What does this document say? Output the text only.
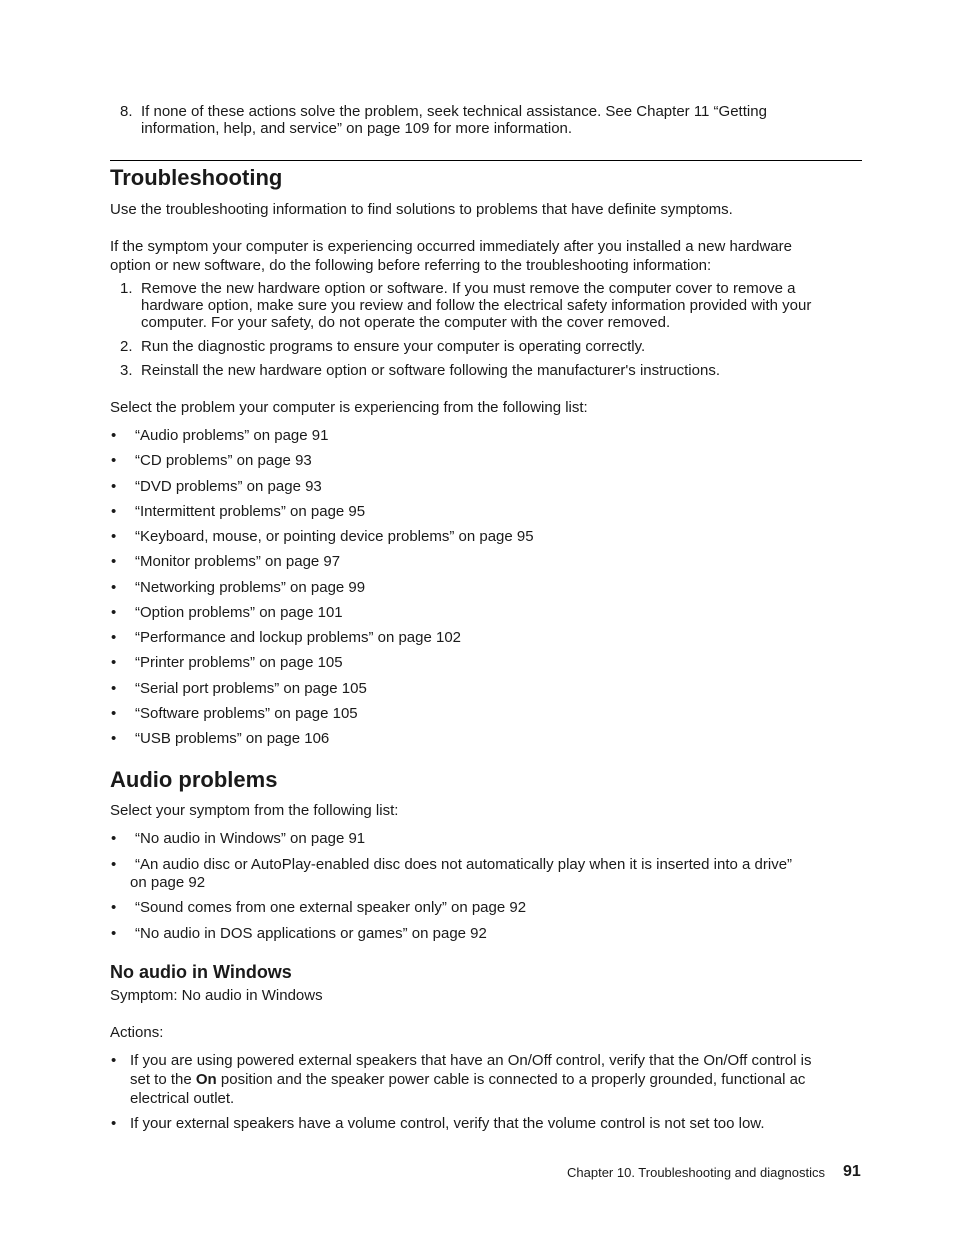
8. If none of these actions solve the problem, seek technical assistance. See Chapter 11 “Getting
information, help, and service” on page 109 for more information.
Troubleshooting
Use the troubleshooting information to find solutions to problems that have definite symptoms.
If the symptom your computer is experiencing occurred immediately after you installed a new hardware
option or new software, do the following before referring to the troubleshooting information:
1. Remove the new hardware option or software. If you must remove the computer cover to remove a
hardware option, make sure you review and follow the electrical safety information provided with your
computer. For your safety, do not operate the computer with the cover removed.
2. Run the diagnostic programs to ensure your computer is operating correctly.
3. Reinstall the new hardware option or software following the manufacturer's instructions.
Select the problem your computer is experiencing from the following list:
• “Audio problems” on page 91
• “CD problems” on page 93
• “DVD problems” on page 93
• “Intermittent problems” on page 95
• “Keyboard, mouse, or pointing device problems” on page 95
• “Monitor problems” on page 97
• “Networking problems” on page 99
• “Option problems” on page 101
• “Performance and lockup problems” on page 102
• “Printer problems” on page 105
• “Serial port problems” on page 105
• “Software problems” on page 105
• “USB problems” on page 106
Audio problems
Select your symptom from the following list:
• “No audio in Windows” on page 91
• “An audio disc or AutoPlay-enabled disc does not automatically play when it is inserted into a drive”
on page 92
• “Sound comes from one external speaker only” on page 92
• “No audio in DOS applications or games” on page 92
No audio in Windows
Symptom: No audio in Windows
Actions:
• If you are using powered external speakers that have an On/Off control, verify that the On/Off control is
set to the On position and the speaker power cable is connected to a properly grounded, functional ac
electrical outlet.
• If your external speakers have a volume control, verify that the volume control is not set too low.
Chapter 10. Troubleshooting and diagnostics 91
